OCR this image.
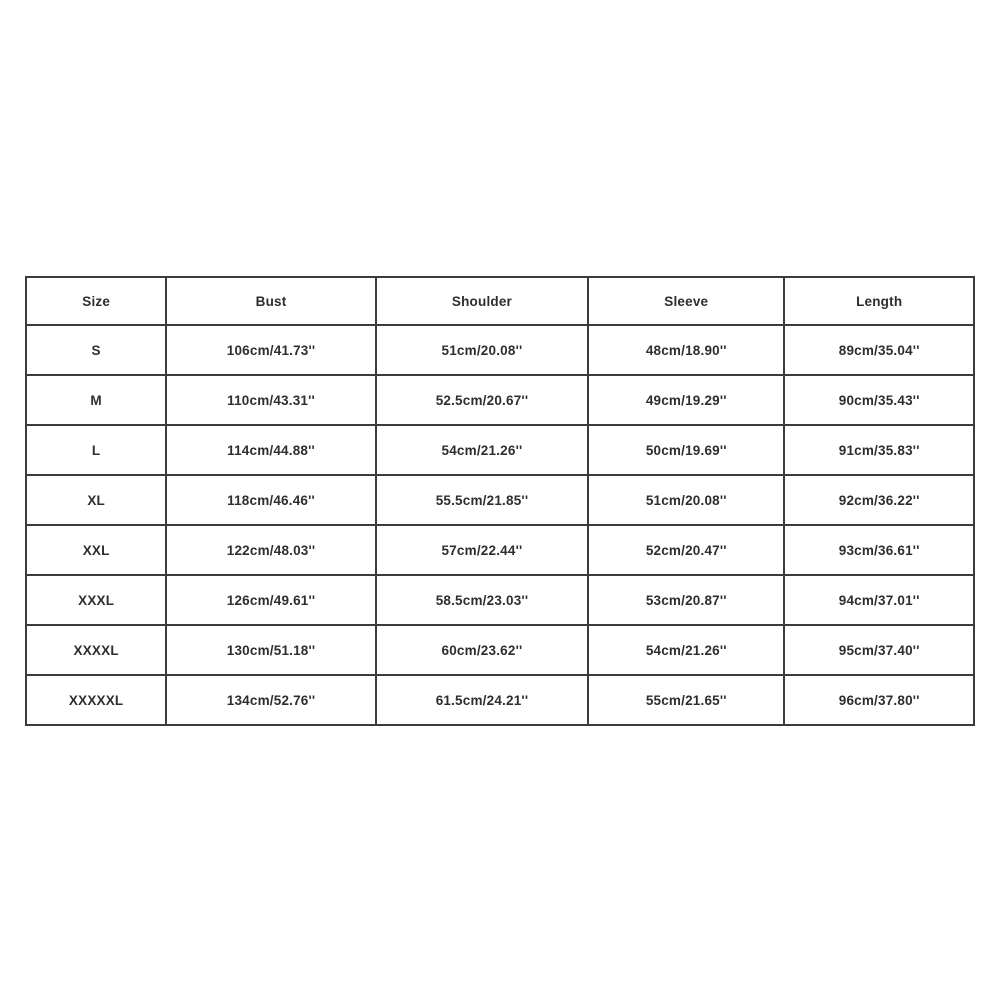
Size	Bust	Shoulder	Sleeve	Length
S	106cm/41.73''	51cm/20.08''	48cm/18.90''	89cm/35.04''
M	110cm/43.31''	52.5cm/20.67''	49cm/19.29''	90cm/35.43''
L	114cm/44.88''	54cm/21.26''	50cm/19.69''	91cm/35.83''
XL	118cm/46.46''	55.5cm/21.85''	51cm/20.08''	92cm/36.22''
XXL	122cm/48.03''	57cm/22.44''	52cm/20.47''	93cm/36.61''
XXXL	126cm/49.61''	58.5cm/23.03''	53cm/20.87''	94cm/37.01''
XXXXL	130cm/51.18''	60cm/23.62''	54cm/21.26''	95cm/37.40''
XXXXXL	134cm/52.76''	61.5cm/24.21''	55cm/21.65''	96cm/37.80''
